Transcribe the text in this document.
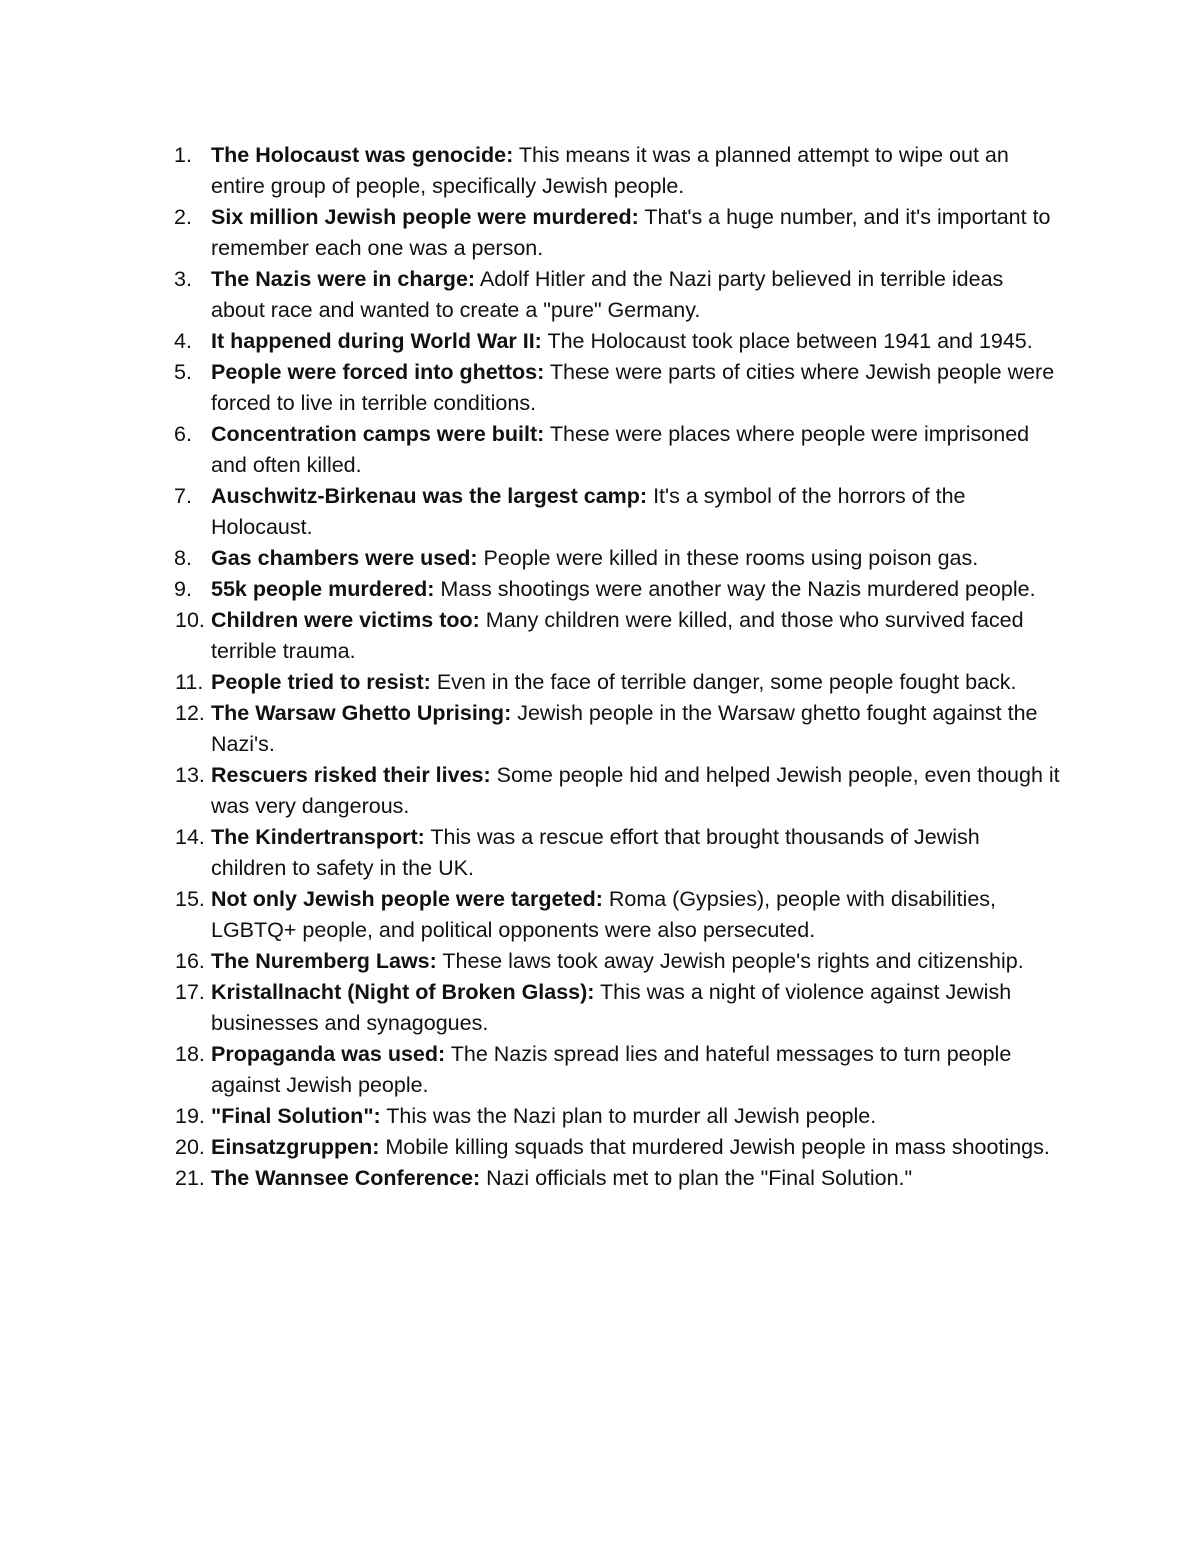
1. The Holocaust was genocide: This means it was a planned attempt to wipe out an entire group of people, specifically Jewish people.
2. Six million Jewish people were murdered: That's a huge number, and it's important to remember each one was a person.
3. The Nazis were in charge: Adolf Hitler and the Nazi party believed in terrible ideas about race and wanted to create a "pure" Germany.
4. It happened during World War II: The Holocaust took place between 1941 and 1945.
5. People were forced into ghettos: These were parts of cities where Jewish people were forced to live in terrible conditions.
6. Concentration camps were built: These were places where people were imprisoned and often killed.
7. Auschwitz-Birkenau was the largest camp: It's a symbol of the horrors of the Holocaust.
8. Gas chambers were used: People were killed in these rooms using poison gas.
9. 55k people murdered: Mass shootings were another way the Nazis murdered people.
10. Children were victims too: Many children were killed, and those who survived faced terrible trauma.
11. People tried to resist: Even in the face of terrible danger, some people fought back.
12. The Warsaw Ghetto Uprising: Jewish people in the Warsaw ghetto fought against the Nazi's.
13. Rescuers risked their lives: Some people hid and helped Jewish people, even though it was very dangerous.
14. The Kindertransport: This was a rescue effort that brought thousands of Jewish children to safety in the UK.
15. Not only Jewish people were targeted: Roma (Gypsies), people with disabilities, LGBTQ+ people, and political opponents were also persecuted.
16. The Nuremberg Laws: These laws took away Jewish people's rights and citizenship.
17. Kristallnacht (Night of Broken Glass): This was a night of violence against Jewish businesses and synagogues.
18. Propaganda was used: The Nazis spread lies and hateful messages to turn people against Jewish people.
19. "Final Solution": This was the Nazi plan to murder all Jewish people.
20. Einsatzgruppen: Mobile killing squads that murdered Jewish people in mass shootings.
21. The Wannsee Conference: Nazi officials met to plan the "Final Solution."
